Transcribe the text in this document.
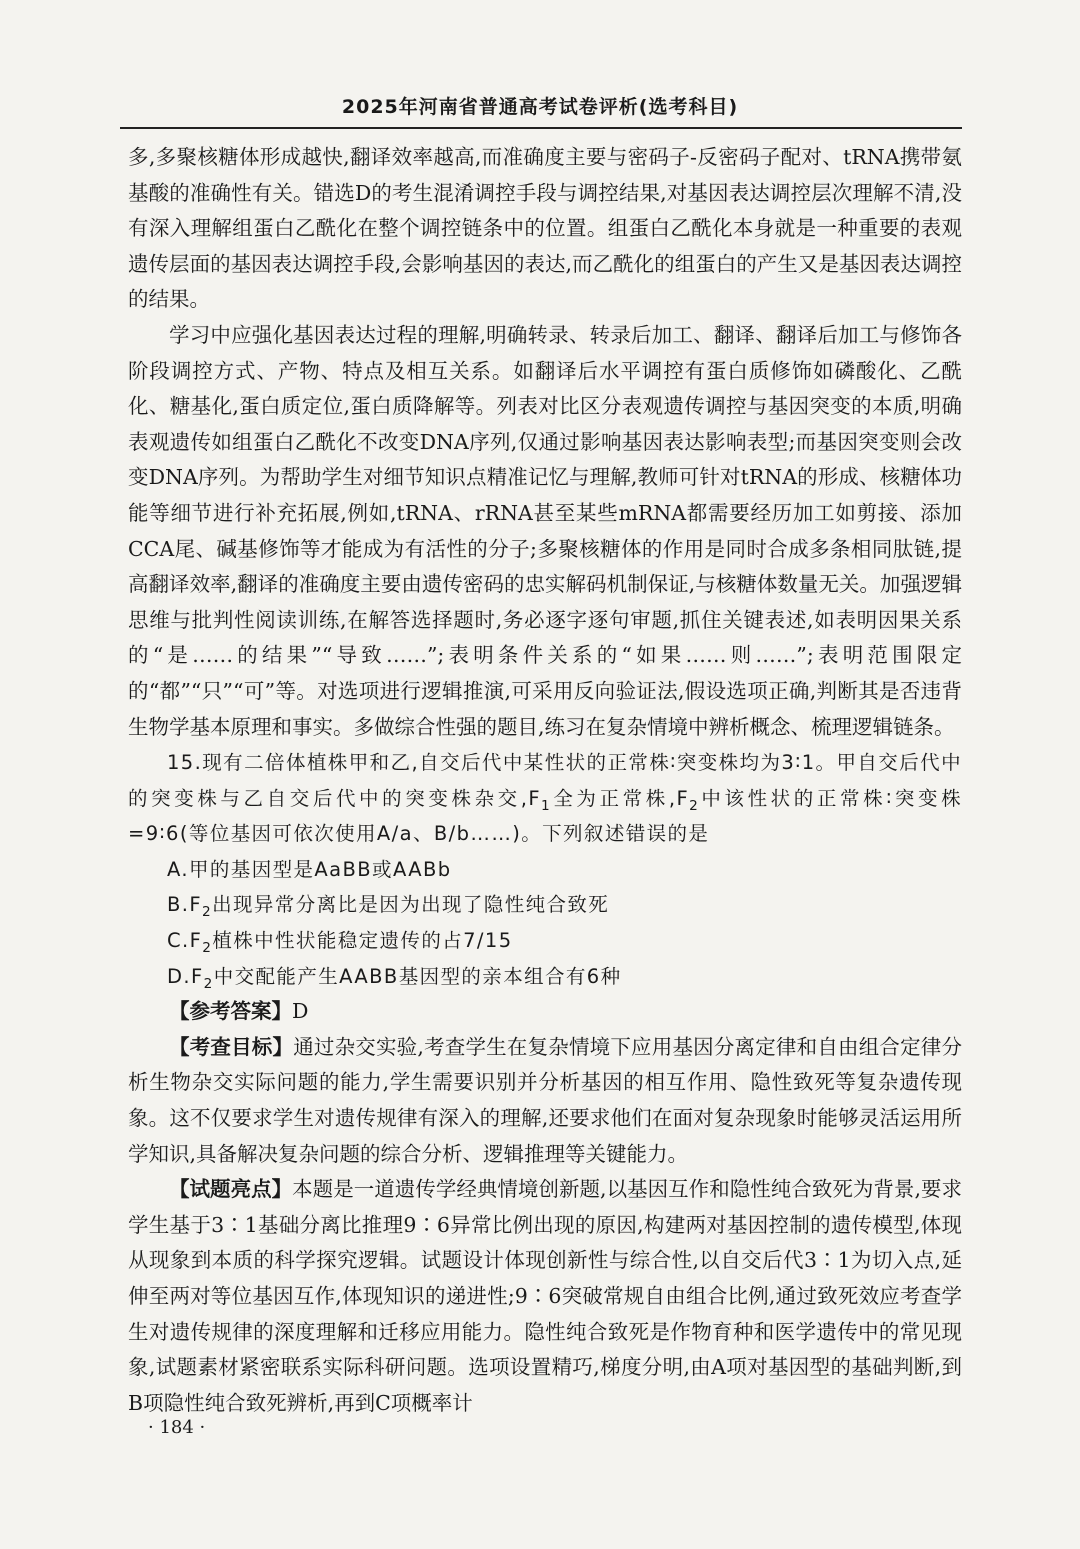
2025年河南省普通高考试卷评析(选考科目)

多,多聚核糖体形成越快,翻译效率越高,而准确度主要与密码子-反密码子配对、tRNA携带氨基酸的准确性有关。错选D的考生混淆调控手段与调控结果,对基因表达调控层次理解不清,没有深入理解组蛋白乙酰化在整个调控链条中的位置。组蛋白乙酰化本身就是一种重要的表观遗传层面的基因表达调控手段,会影响基因的表达,而乙酰化的组蛋白的产生又是基因表达调控的结果。

学习中应强化基因表达过程的理解,明确转录、转录后加工、翻译、翻译后加工与修饰各阶段调控方式、产物、特点及相互关系。如翻译后水平调控有蛋白质修饰如磷酸化、乙酰化、糖基化,蛋白质定位,蛋白质降解等。列表对比区分表观遗传调控与基因突变的本质,明确表观遗传如组蛋白乙酰化不改变DNA序列,仅通过影响基因表达影响表型;而基因突变则会改变DNA序列。为帮助学生对细节知识点精准记忆与理解,教师可针对tRNA的形成、核糖体功能等细节进行补充拓展,例如,tRNA、rRNA甚至某些mRNA都需要经历加工如剪接、添加CCA尾、碱基修饰等才能成为有活性的分子;多聚核糖体的作用是同时合成多条相同肽链,提高翻译效率,翻译的准确度主要由遗传密码的忠实解码机制保证,与核糖体数量无关。加强逻辑思维与批判性阅读训练,在解答选择题时,务必逐字逐句审题,抓住关键表述,如表明因果关系的“是……的结果”“导致……”;表明条件关系的“如果……则……”;表明范围限定的“都”“只”“可”等。对选项进行逻辑推演,可采用反向验证法,假设选项正确,判断其是否违背生物学基本原理和事实。多做综合性强的题目,练习在复杂情境中辨析概念、梳理逻辑链条。

15.现有二倍体植株甲和乙,自交后代中某性状的正常株∶突变株均为3∶1。甲自交后代中的突变株与乙自交后代中的突变株杂交$,F_1$全为正常株$,F_2$中该性状的正常株∶突变株=9∶6(等位基因可依次使用A/a、B/b……)。下列叙述错误的是

A.甲的基因型是AaBB或AABb

$B.F_2$出现异常分离比是因为出现了隐性纯合致死

$C.F_2$植株中性状能稳定遗传的占7/15

$D.F_2$中交配能产生AABB基因型的亲本组合有6种

【参考答案】D

【考查目标】通过杂交实验,考查学生在复杂情境下应用基因分离定律和自由组合定律分析生物杂交实际问题的能力,学生需要识别并分析基因的相互作用、隐性致死等复杂遗传现象。这不仅要求学生对遗传规律有深入的理解,还要求他们在面对复杂现象时能够灵活运用所学知识,具备解决复杂问题的综合分析、逻辑推理等关键能力。

【试题亮点】本题是一道遗传学经典情境创新题,以基因互作和隐性纯合致死为背景,要求学生基于3∶1基础分离比推理9∶6异常比例出现的原因,构建两对基因控制的遗传模型,体现从现象到本质的科学探究逻辑。试题设计体现创新性与综合性,以自交后代3∶1为切入点,延伸至两对等位基因互作,体现知识的递进性;9∶6突破常规自由组合比例,通过致死效应考查学生对遗传规律的深度理解和迁移应用能力。隐性纯合致死是作物育种和医学遗传中的常见现象,试题素材紧密联系实际科研问题。选项设置精巧,梯度分明,由A项对基因型的基础判断,到B项隐性纯合致死辨析,再到C项概率计

· 184 ·
